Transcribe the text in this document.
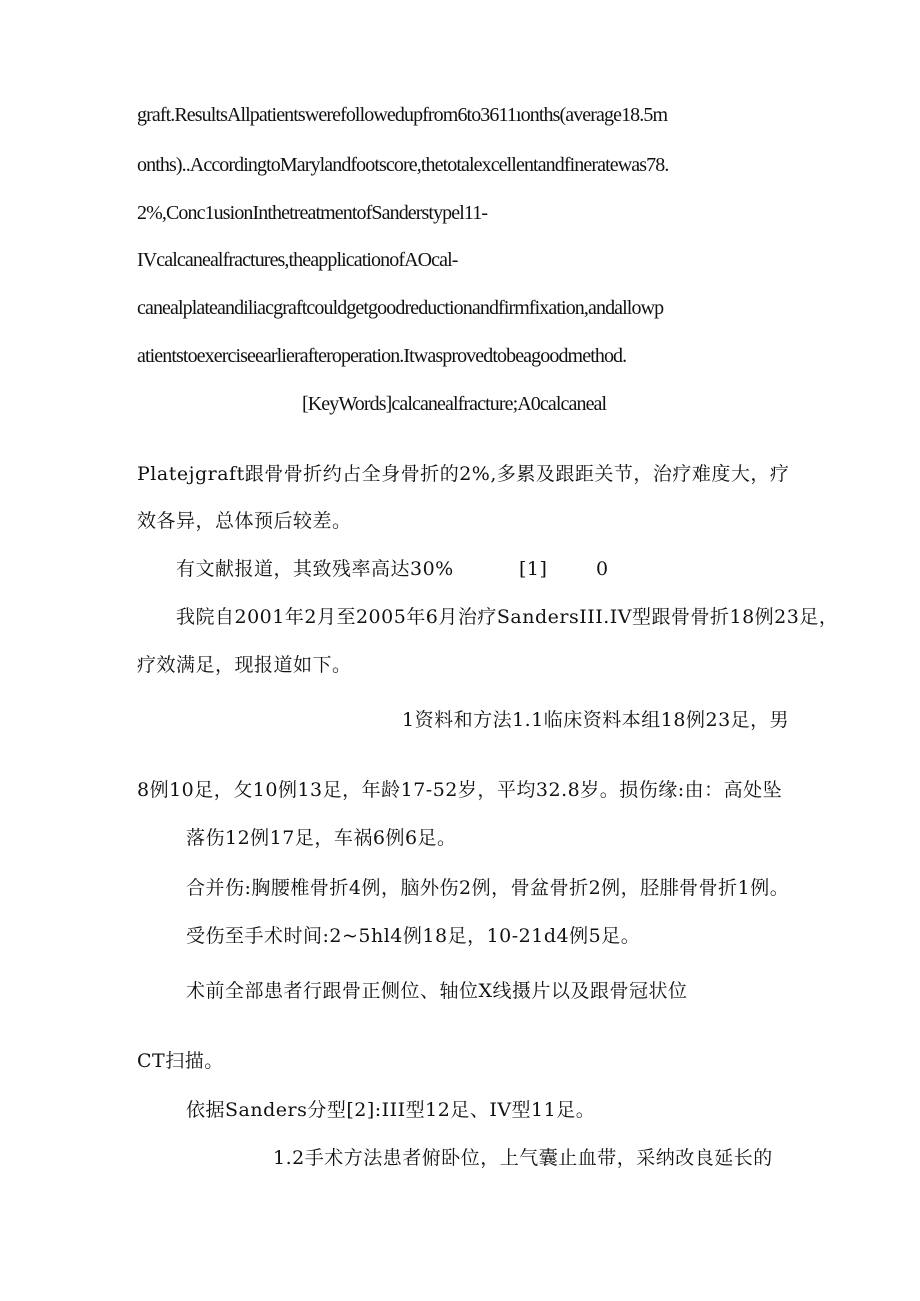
graft.ResultsAllpatientswerefollowedupfrom6to3611ıonths(average18.5m
onths)..AccordingtoMarylandfootscore,thetotalexcellentandfineratewas78.
2%,Conc1usionInthetreatmentofSanderstypel11-
IVcalcanealfractures,theapplicationofAOcal-
canealplateandiliacgraftcouldgetgoodreductionandfirmfixation,andallowp
atientstoexerciseearlierafteroperation.Itwasprovedtobeagoodmethod.
[KeyWords]calcanealfracture;A0calcaneal
Platejgraft跟骨骨折约占全身骨折的2%,多累及跟距关节，治疗难度大，疗
效各异，总体预后较差。
有文献报道，其致残率高达30%	[1]	0
我院自2001年2月至2005年6月治疗SandersIII.IV型跟骨骨折18例23足，
疗效满足，现报道如下。
1资料和方法1.1临床资料本组18例23足，男
8例10足，攵10例13足，年龄17-52岁，平均32.8岁。损伤缘:由：高处坠
落伤12例17足，车祸6例6足。
合并伤:胸腰椎骨折4例，脑外伤2例，骨盆骨折2例，胫腓骨骨折1例。
受伤至手术时间:2~5hl4例18足，10-21d4例5足。
术前全部患者行跟骨正侧位、轴位X线摄片以及跟骨冠状位
CT扫描。
依据Sanders分型[2]:III型12足、IV型11足。
1.2手术方法患者俯卧位，上气囊止血带，采纳改良延长的
